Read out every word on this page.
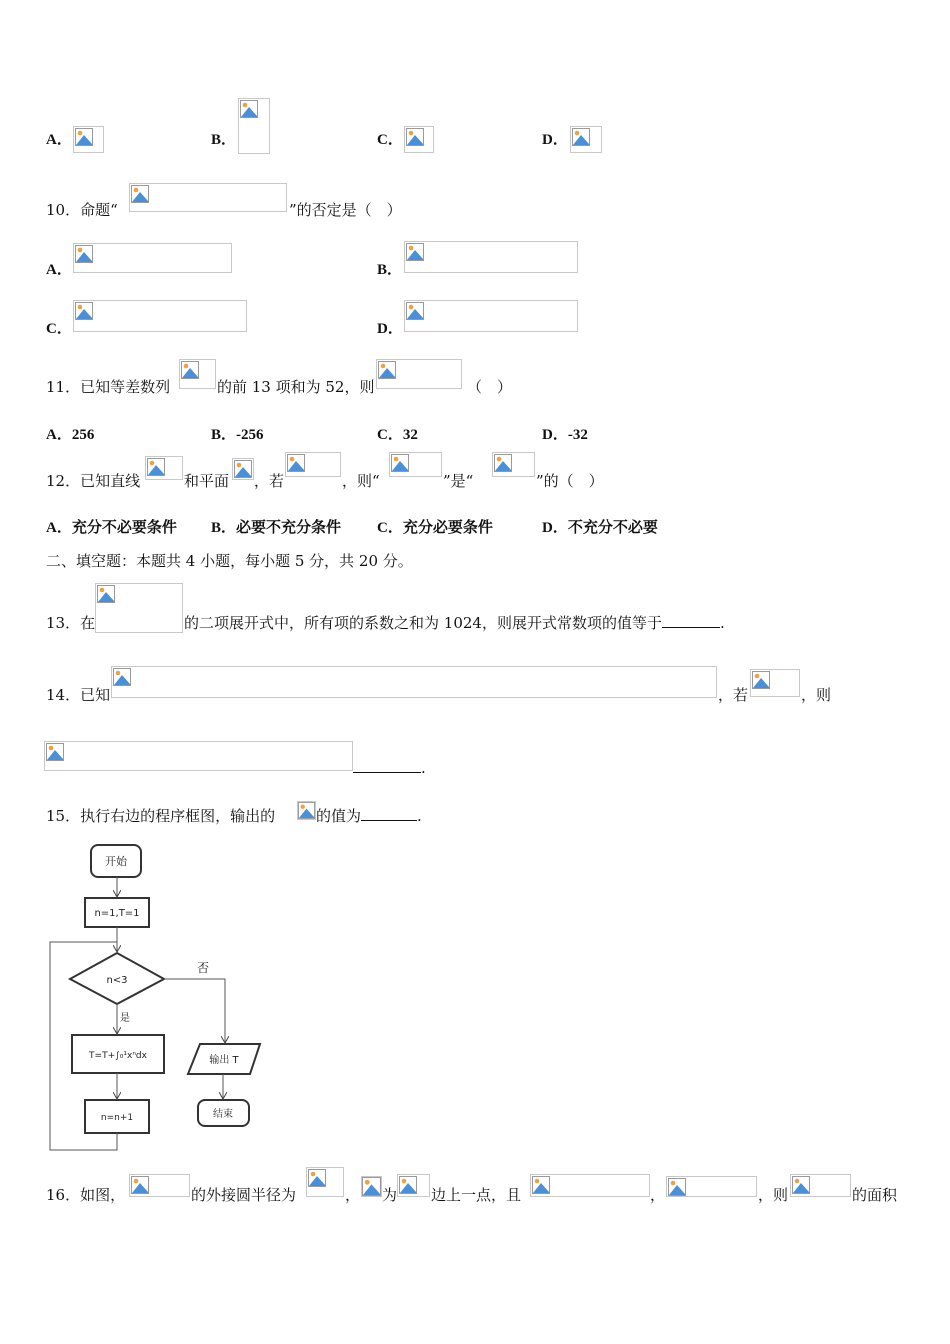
A．	B．	C．	D．
10．命题“	”的否定是（　）
A．	B．
C．	D．
11．已知等差数列	的前 13 项和为 52，则	（　）
A．256	B．-256	C．32	D．-32
12．已知直线	和平面 ，若	，则“	”是“	”的（　）
A．充分不必要条件 B．必要不充分条件 C．充分必要条件	D．不充分不必要
二、填空题：本题共 4 小题，每小题 5 分，共 20 分。
13．在	的二项展开式中，所有项的系数之和为 1024，则展开式常数项的值等于	.
14．已知	，若	，则
.
15．执行右边的程序框图，输出的	的值为	.
开始
n=1,T=1
n<3
否
是
T=T+∫₀¹xⁿdx
n=n+1
输出 T
结束
16．如图，	的外接圆半径为	， 为 边上一点，且	，	，则	的面积
